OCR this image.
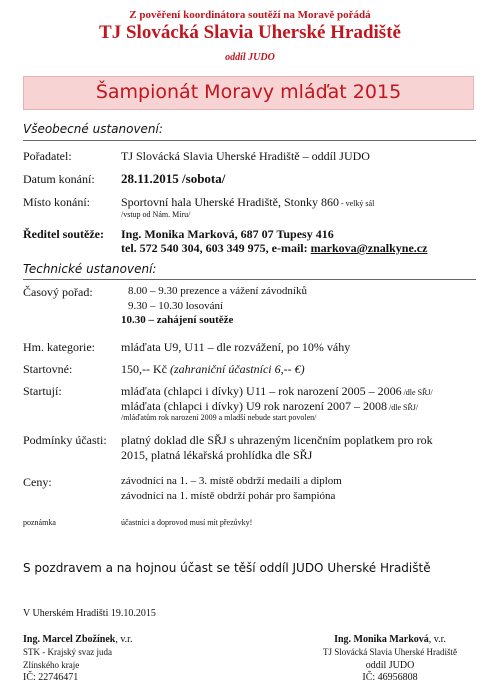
Z pověření koordinátora soutěží na Moravě pořádá
TJ Slovácká Slavia Uherské Hradiště
oddíl JUDO
Šampionát Moravy mláďat 2015
Všeobecné ustanovení:
Pořadatel:	TJ Slovácká Slavia Uherské Hradiště – oddíl JUDO
Datum konání: 28.11.2015 /sobota/
Místo konání:	Sportovní hala Uherské Hradiště, Stonky 860 - velký sál
/vstup od Nám. Míru/
Ředitel soutěže: Ing. Monika Marková, 687 07 Tupesy 416
tel. 572 540 304, 603 349 975, e-mail: markova@znalkyne.cz
Technické ustanovení:
Časový pořad:	8.00 – 9.30 prezence a vážení závodníků
9.30 – 10.30 losování
10.30 – zahájení soutěže
Hm. kategorie: mláďata U9, U11 – dle rozvážení, po 10% váhy
Startovné:	150,-- Kč (zahraniční účastníci 6,-- €)
Startují:	mláďata (chlapci i dívky) U11 – rok narození 2005 – 2006 /dle SŘJ/
mláďata (chlapci i dívky) U9 rok narození 2007 – 2008 /dle SŘJ/
/mláďatům rok narození 2009 a mladší nebude start povolen/
Podmínky účasti: platný doklad dle SŘJ s uhrazeným licenčním poplatkem pro rok
2015, platná lékařská prohlídka dle SŘJ
Ceny:	závodníci na 1. – 3. místě obdrží medaili a diplom
závodníci na 1. místě obdrží pohár pro šampióna
poznámka	účastníci a doprovod musí mít přezůvky!
S pozdravem a na hojnou účast se těší oddíl JUDO Uherské Hradiště
V Uherském Hradišti 19.10.2015
Ing. Marcel Zbožínek, v.r.
STK - Krajský svaz juda
Zlínského kraje
IČ: 22746471
Ing. Monika Marková, v.r.
TJ Slovácká Slavia Uherské Hradiště
oddíl JUDO
IČ: 46956808
